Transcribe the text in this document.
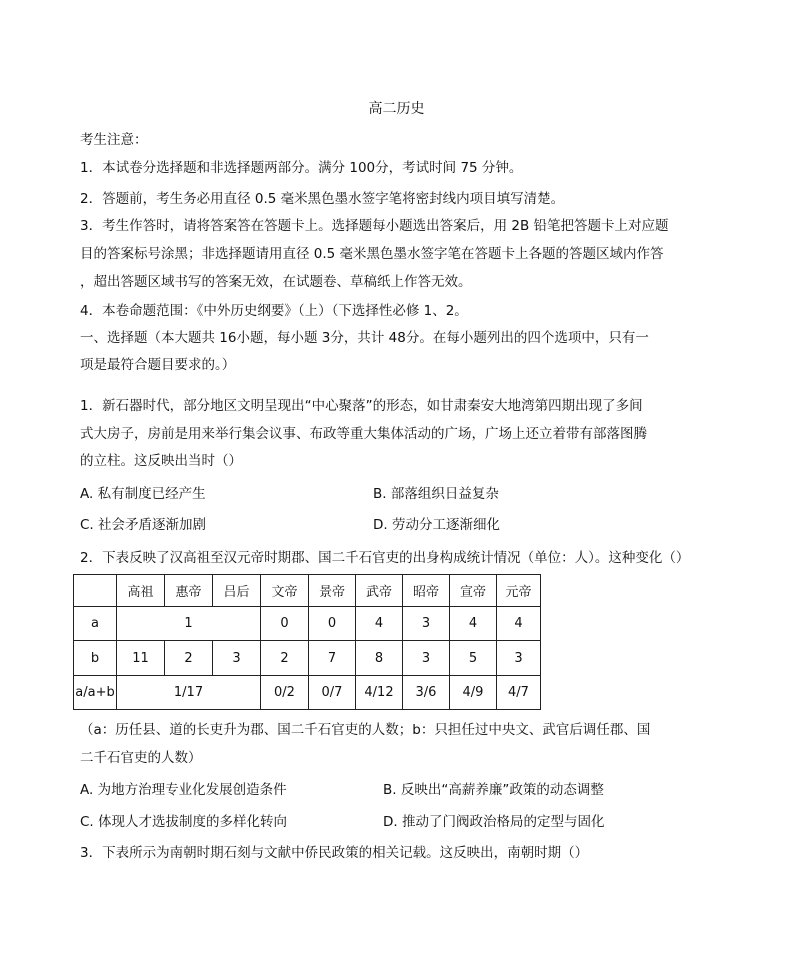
高二历史
考生注意：
1．本试卷分选择题和非选择题两部分。满分 100分，考试时间 75 分钟。
2．答题前，考生务必用直径 0.5 毫米黑色墨水签字笔将密封线内项目填写清楚。
3．考生作答时，请将答案答在答题卡上。选择题每小题选出答案后，用 2B 铅笔把答题卡上对应题
目的答案标号涂黑；非选择题请用直径 0.5 毫米黑色墨水签字笔在答题卡上各题的答题区域内作答
，超出答题区域书写的答案无效，在试题卷、草稿纸上作答无效。
4．本卷命题范围：《中外历史纲要》（上）（下选择性必修 1、2。
一、选择题（本大题共 16小题，每小题 3分，共计 48分。在每小题列出的四个选项中，只有一
项是最符合题目要求的。）
1．新石器时代，部分地区文明呈现出“中心聚落”的形态，如甘肃秦安大地湾第四期出现了多间
式大房子，房前是用来举行集会议事、布政等重大集体活动的广场，广场上还立着带有部落图腾
的立柱。这反映出当时（）
A. 私有制度已经产生	B. 部落组织日益复杂
C. 社会矛盾逐渐加剧	D. 劳动分工逐渐细化
2．下表反映了汉高祖至汉元帝时期郡、国二千石官吏的出身构成统计情况（单位：人）。这种变化（）
	高祖	惠帝	吕后	文帝	景帝	武帝	昭帝	宣帝	元帝
a	1			0	0	4	3	4	4
b	11	2	3	2	7	8	3	5	3
a/a+b	1/17			0/2	0/7	4/12	3/6	4/9	4/7
（a：历任县、道的长吏升为郡、国二千石官吏的人数；b：只担任过中央文、武官后调任郡、国
二千石官吏的人数）
A. 为地方治理专业化发展创造条件	B. 反映出“高薪养廉”政策的动态调整
C. 体现人才选拔制度的多样化转向	D. 推动了门阀政治格局的定型与固化
3．下表所示为南朝时期石刻与文献中侨民政策的相关记载。这反映出，南朝时期（）
